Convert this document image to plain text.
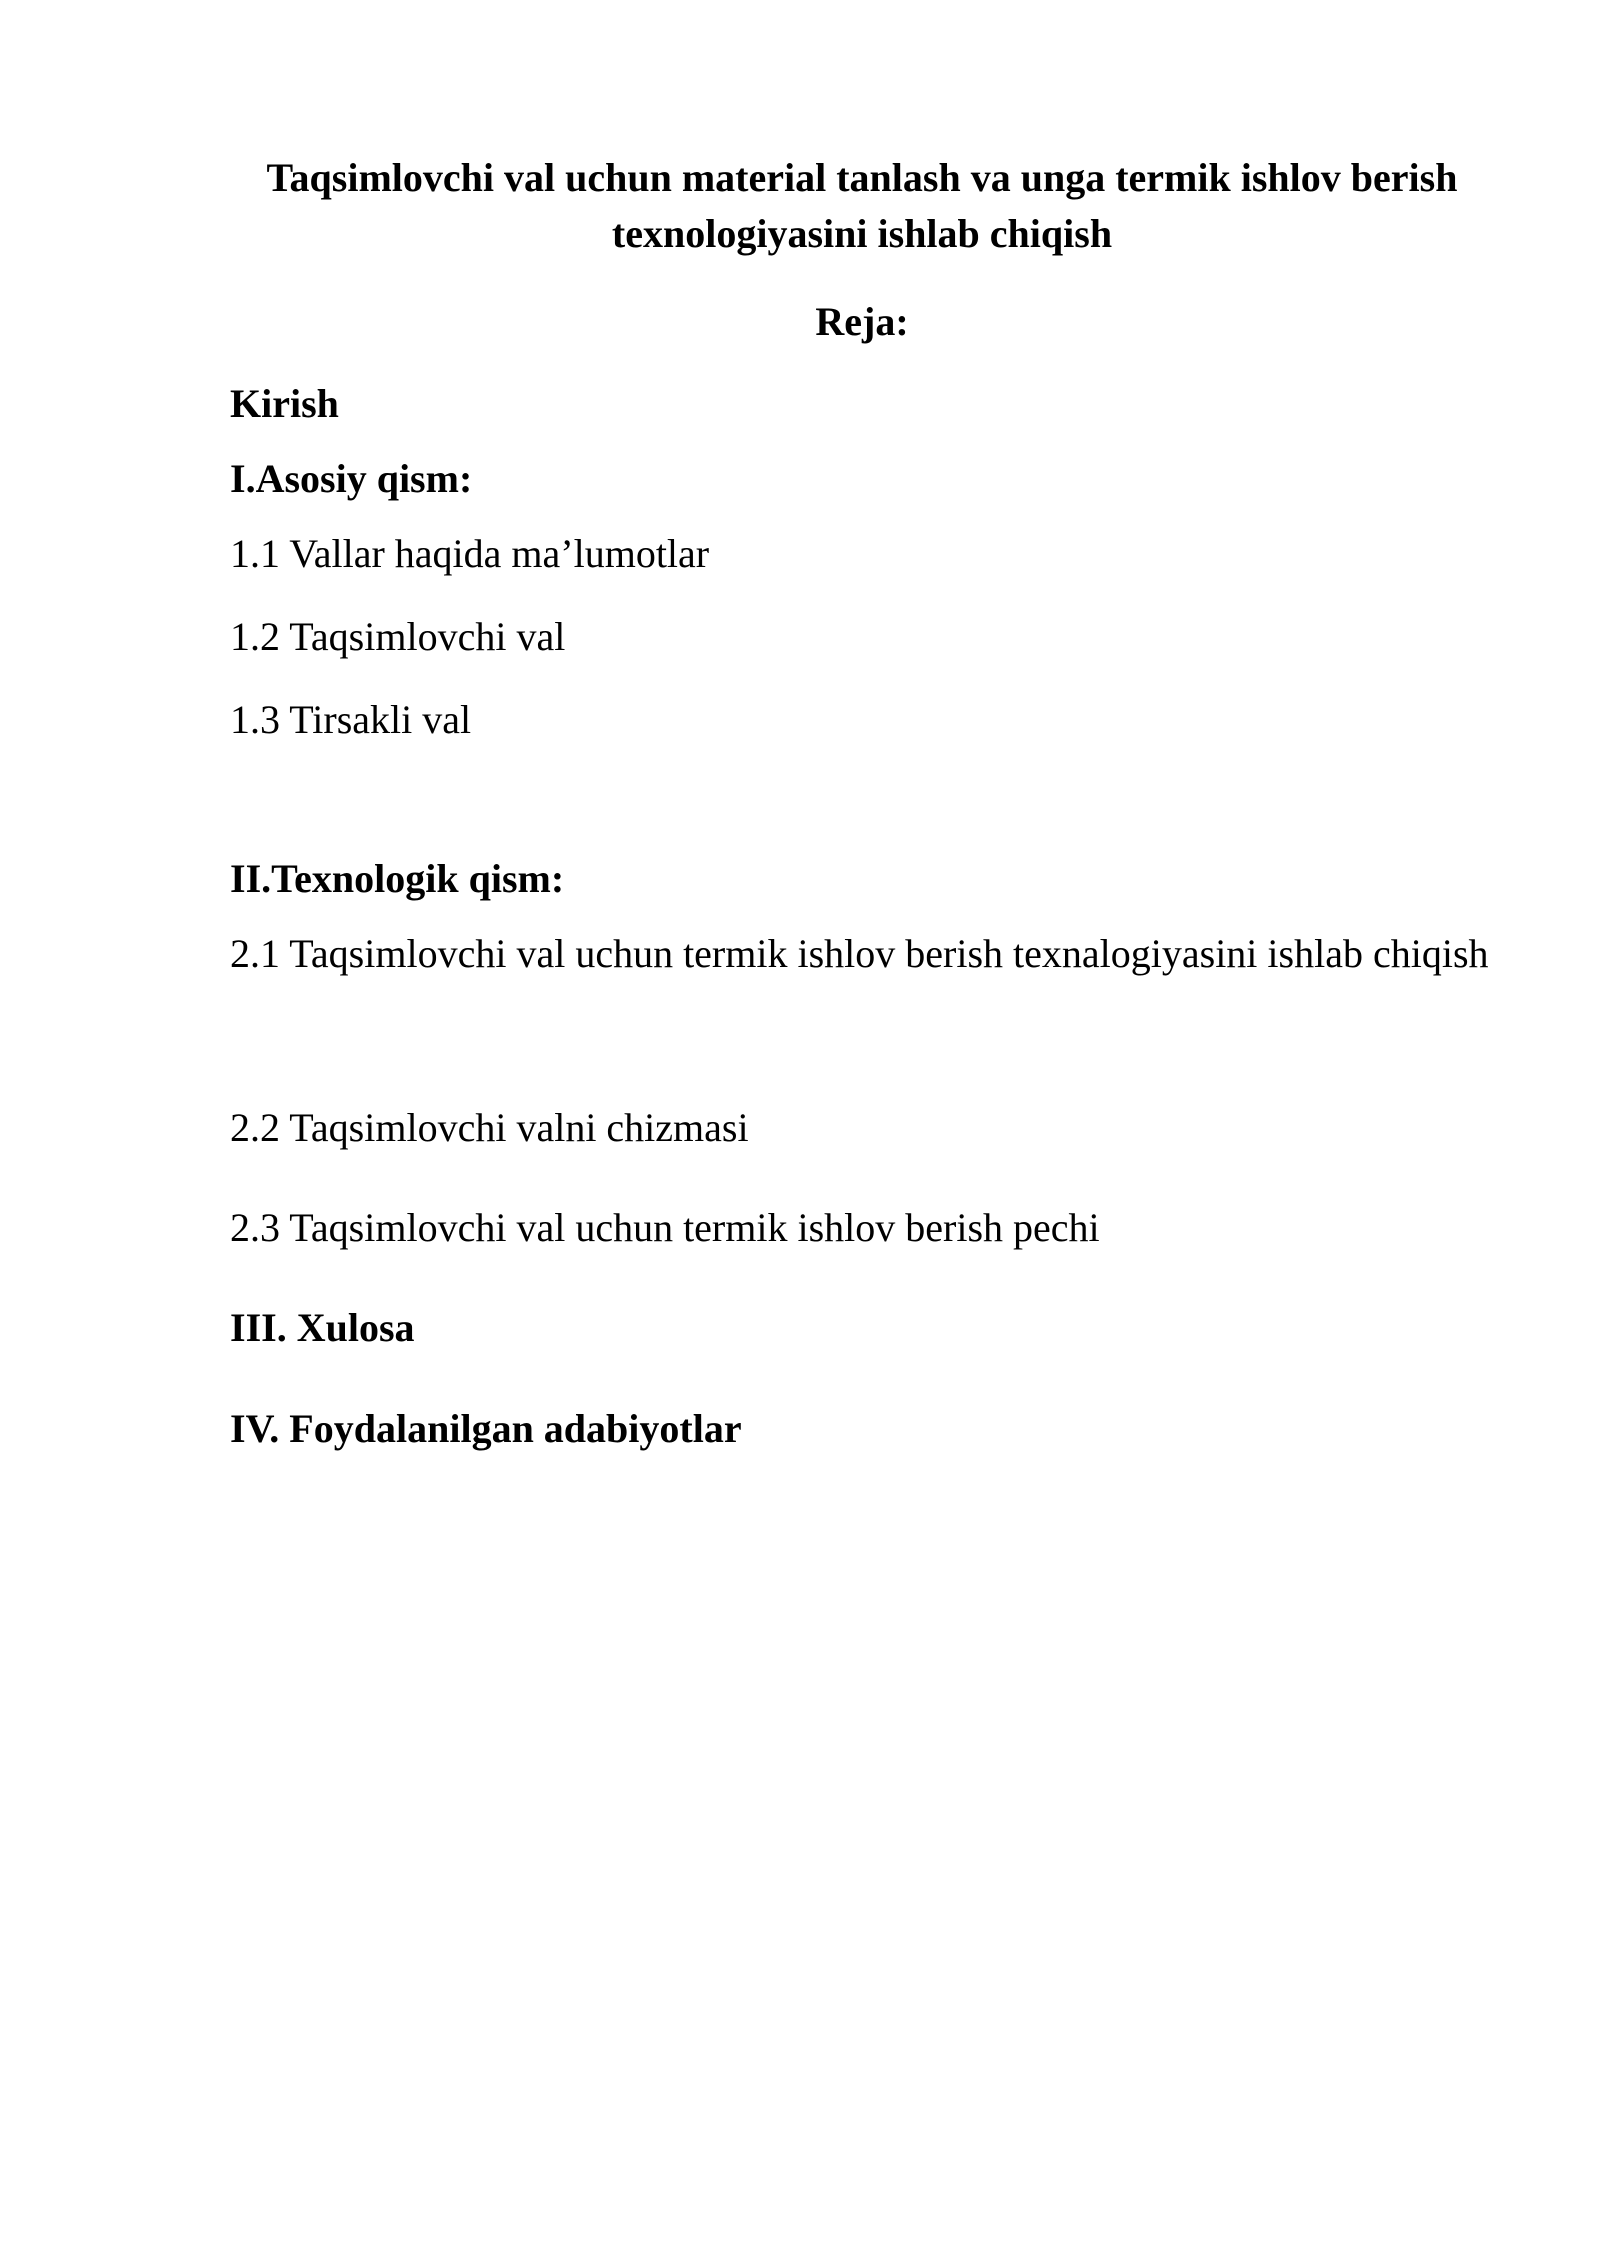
Taqsimlovchi val uchun material tanlash va unga termik ishlov berish texnologiyasini ishlab chiqish

Reja:

Kirish

I.Asosiy qism:

1.1 Vallar haqida ma’lumotlar

1.2 Taqsimlovchi val

1.3 Tirsakli val

II.Texnologik qism:

2.1 Taqsimlovchi val uchun termik ishlov berish texnalogiyasini ishlab chiqish

2.2 Taqsimlovchi valni chizmasi

2.3 Taqsimlovchi val uchun termik ishlov berish pechi

III. Xulosa

IV. Foydalanilgan adabiyotlar
